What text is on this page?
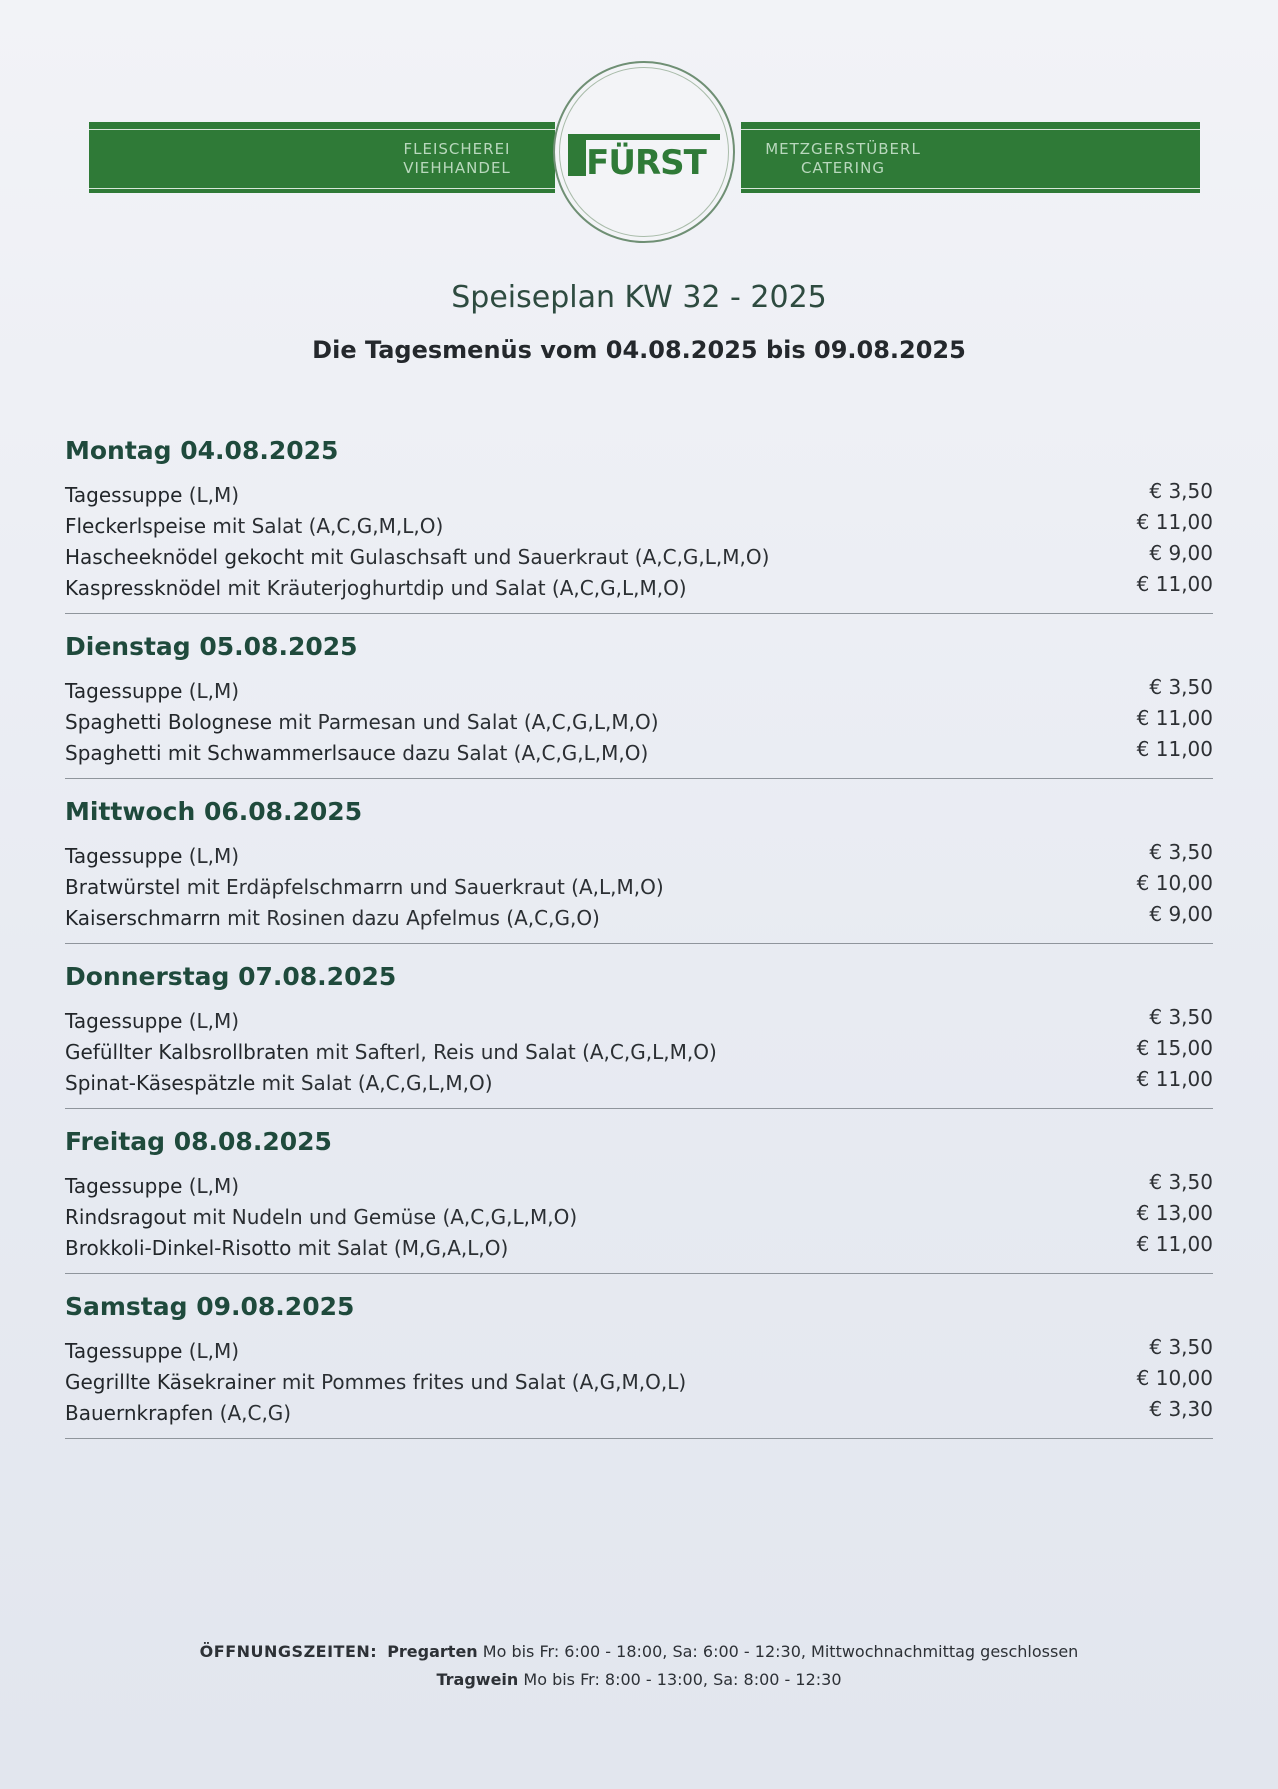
FLEISCHEREI
VIEHHANDEL
METZGERSTÜBERL
CATERING
FÜRST
Speiseplan KW 32 - 2025
Die Tagesmenüs vom 04.08.2025 bis 09.08.2025
Montag 04.08.2025
Tagessuppe (L,M)	€ 3,50
Fleckerlspeise mit Salat (A,C,G,M,L,O)	€ 11,00
Hascheeknödel gekocht mit Gulaschsaft und Sauerkraut (A,C,G,L,M,O)	€ 9,00
Kaspressknödel mit Kräuterjoghurtdip und Salat (A,C,G,L,M,O)	€ 11,00
Dienstag 05.08.2025
Tagessuppe (L,M)	€ 3,50
Spaghetti Bolognese mit Parmesan und Salat (A,C,G,L,M,O)	€ 11,00
Spaghetti mit Schwammerlsauce dazu Salat (A,C,G,L,M,O)	€ 11,00
Mittwoch 06.08.2025
Tagessuppe (L,M)	€ 3,50
Bratwürstel mit Erdäpfelschmarrn und Sauerkraut (A,L,M,O)	€ 10,00
Kaiserschmarrn mit Rosinen dazu Apfelmus (A,C,G,O)	€ 9,00
Donnerstag 07.08.2025
Tagessuppe (L,M)	€ 3,50
Gefüllter Kalbsrollbraten mit Safterl, Reis und Salat (A,C,G,L,M,O)	€ 15,00
Spinat-Käsespätzle mit Salat (A,C,G,L,M,O)	€ 11,00
Freitag 08.08.2025
Tagessuppe (L,M)	€ 3,50
Rindsragout mit Nudeln und Gemüse (A,C,G,L,M,O)	€ 13,00
Brokkoli-Dinkel-Risotto mit Salat (M,G,A,L,O)	€ 11,00
Samstag 09.08.2025
Tagessuppe (L,M)	€ 3,50
Gegrillte Käsekrainer mit Pommes frites und Salat (A,G,M,O,L)	€ 10,00
Bauernkrapfen (A,C,G)	€ 3,30
ÖFFNUNGSZEITEN: Pregarten Mo bis Fr: 6:00 - 18:00, Sa: 6:00 - 12:30, Mittwochnachmittag geschlossen
Tragwein Mo bis Fr: 8:00 - 13:00, Sa: 8:00 - 12:30
